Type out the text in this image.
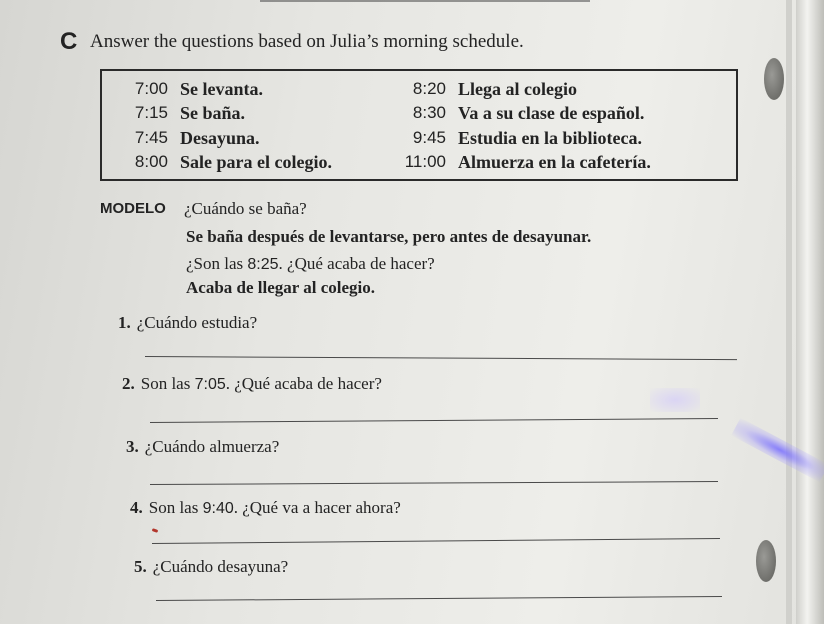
C Answer the questions based on Julia’s morning schedule.
7:00 Se levanta.
7:15 Se baña.
7:45 Desayuna.
8:00 Sale para el colegio.
8:20 Llega al colegio
8:30 Va a su clase de español.
9:45 Estudia en la biblioteca.
11:00 Almuerza en la cafetería.
MODELO ¿Cuándo se baña?
Se baña después de levantarse, pero antes de desayunar.
¿Son las 8:25. ¿Qué acaba de hacer?
Acaba de llegar al colegio.
1. ¿Cuándo estudia?
2. Son las 7:05. ¿Qué acaba de hacer?
3. ¿Cuándo almuerza?
4. Son las 9:40. ¿Qué va a hacer ahora?
5. ¿Cuándo desayuna?
